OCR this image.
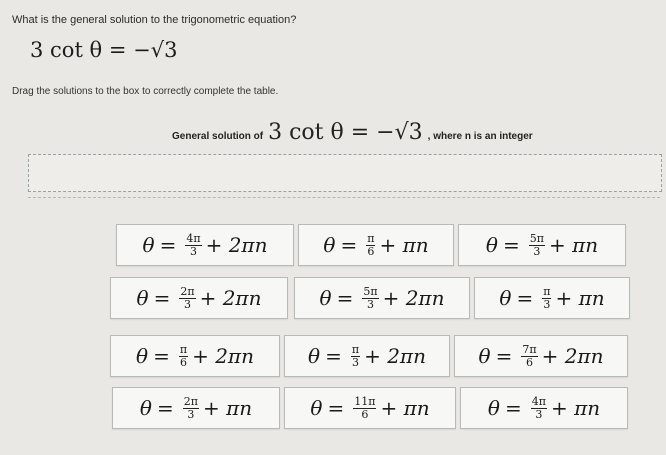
What is the general solution to the trigonometric equation?
3 cot θ = −√3
Drag the solutions to the box to correctly complete the table.
General solution of 3 cot θ = −√3 , where n is an integer
$\theta = \frac{4\pi}{3} + 2\pi n$	$\theta = \frac{\pi}{6} + \pi n$	$\theta = \frac{5\pi}{3} + \pi n$
$\theta = \frac{2\pi}{3} + 2\pi n$	$\theta = \frac{5\pi}{3} + 2\pi n$	$\theta = \frac{\pi}{3} + \pi n$
$\theta = \frac{\pi}{6} + 2\pi n$	$\theta = \frac{\pi}{3} + 2\pi n$	$\theta = \frac{7\pi}{6} + 2\pi n$
$\theta = \frac{2\pi}{3} + \pi n$	$\theta = \frac{11\pi}{6} + \pi n$	$\theta = \frac{4\pi}{3} + \pi n$
